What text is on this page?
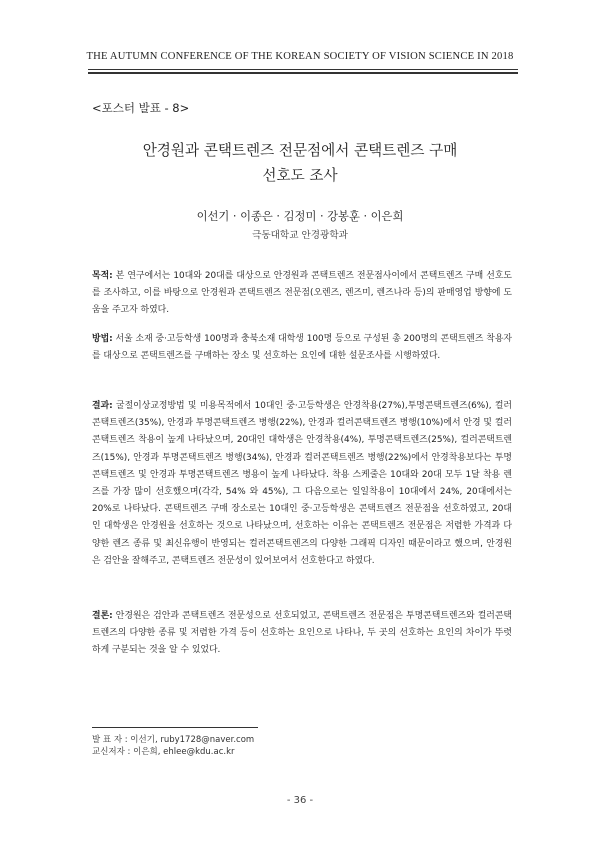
THE AUTUMN CONFERENCE OF THE KOREAN SOCIETY OF VISION SCIENCE IN 2018
<포스터 발표 - 8>
안경원과 콘택트렌즈 전문점에서 콘택트렌즈 구매
선호도 조사
이선기 · 이종은 · 김정미 · 강봉훈 · 이은희
극동대학교 안경광학과
목적: 본 연구에서는 10대와 20대를 대상으로 안경원과 콘택트렌즈 전문점사이에서 콘택트렌즈 구매 선호도를 조사하고, 이를 바탕으로 안경원과 콘택트렌즈 전문점(오렌즈, 렌즈미, 렌즈나라 등)의 판매영업 방향에 도움을 주고자 하였다.
방법: 서울 소재 중·고등학생 100명과 충북소재 대학생 100명 등으로 구성된 총 200명의 콘택트렌즈 착용자를 대상으로 콘택트렌즈를 구매하는 장소 및 선호하는 요인에 대한 설문조사를 시행하였다.
결과: 굴절이상교정방법 및 미용목적에서 10대인 중·고등학생은 안경착용(27%),투명콘택트렌즈(6%), 컬러콘택트렌즈(35%), 안경과 투명콘택트렌즈 병행(22%), 안경과 컬러콘택트렌즈 병행(10%)에서 안경 및 컬러콘택트렌즈 착용이 높게 나타났으며, 20대인 대학생은 안경착용(4%), 투명콘택트렌즈(25%), 컬러콘택트렌즈(15%), 안경과 투명콘택트렌즈 병행(34%), 안경과 컬러콘택트렌즈 병행(22%)에서 안경착용보다는 투명콘택트렌즈 및 안경과 투명콘택트렌즈 병용이 높게 나타났다. 착용 스케줄은 10대와 20대 모두 1달 착용 렌즈를 가장 많이 선호했으며(각각, 54% 와 45%), 그 다음으로는 일일착용이 10대에서 24%, 20대에서는 20%로 나타났다. 콘택트렌즈 구매 장소로는 10대인 중·고등학생은 콘택트렌즈 전문점을 선호하였고, 20대인 대학생은 안경원을 선호하는 것으로 나타났으며, 선호하는 이유는 콘택트렌즈 전문점은 저렴한 가격과 다양한 렌즈 종류 및 최신유행이 반영되는 컬러콘택트렌즈의 다양한 그래픽 디자인 때문이라고 했으며, 안경원은 검안을 잘해주고, 콘택트렌즈 전문성이 있어보여서 선호한다고 하였다.
결론: 안경원은 검안과 콘택트렌즈 전문성으로 선호되었고, 콘택트렌즈 전문점은 투명콘택트렌즈와 컬러콘택트렌즈의 다양한 종류 및 저렴한 가격 등이 선호하는 요인으로 나타나, 두 곳의 선호하는 요인의 차이가 뚜렷하게 구분되는 것을 알 수 있었다.
발 표 자 : 이선기, ruby1728@naver.com
교신저자 : 이은희, ehlee@kdu.ac.kr
- 36 -
